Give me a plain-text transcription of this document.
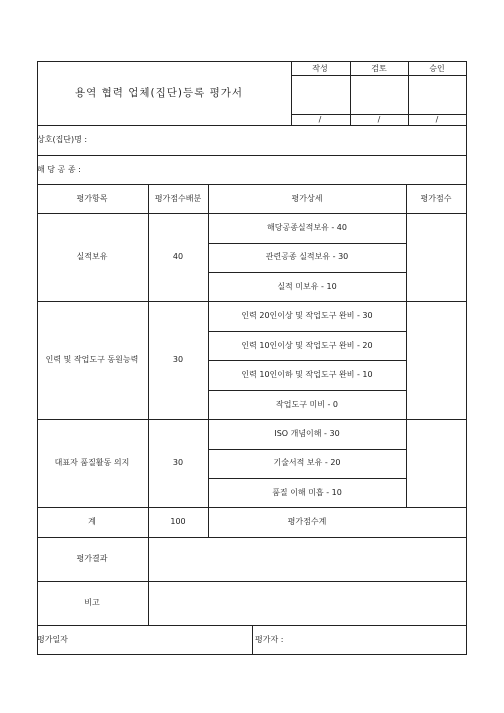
용역 협력 업체(집단)등록 평가서
작성	검토	승인
/	/	/
상호(집단)명 :
해 당 공 종 :
평가항목	평가점수배분	평가상세	평가점수
실적보유	40
해당공종실적보유 - 40
관련공종 실적보유 - 30
실적 미보유 - 10
인력 및 작업도구 동원능력	30
인력 20인이상 및 작업도구 완비 - 30
인력 10인이상 및 작업도구 완비 - 20
인력 10인이하 및 작업도구 완비 - 10
작업도구 미비 - 0
대표자 품질활동 의지	30
ISO 개념이해 - 30
기술서적 보유 - 20
품질 이해 미흡 - 10
계	100	평가점수계
평가결과
비고
평가일자	평가자 :
